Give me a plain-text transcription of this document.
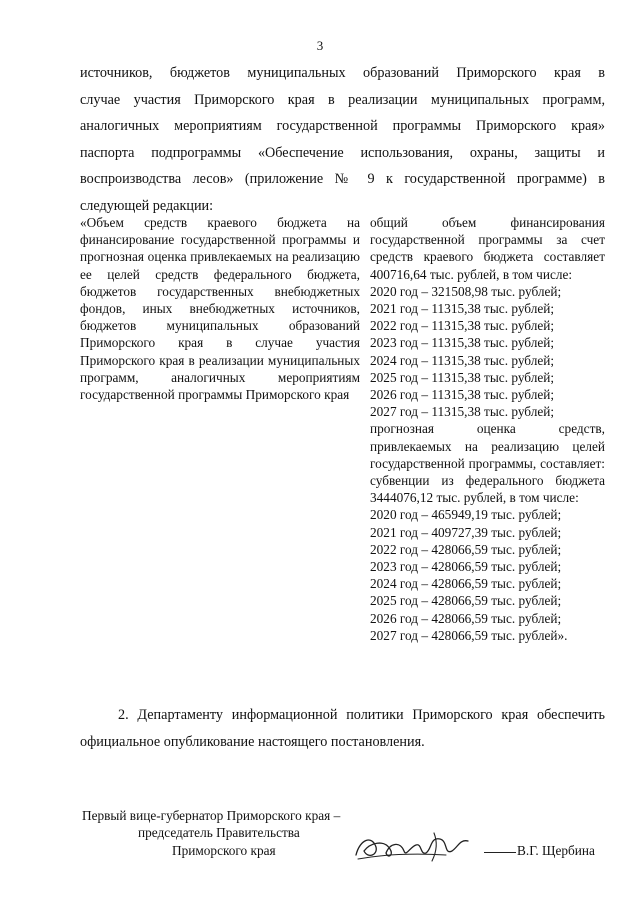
3
источников, бюджетов муниципальных образований Приморского края в
случае участия Приморского края в реализации муниципальных программ,
аналогичных мероприятиям государственной программы Приморского края»
паспорта подпрограммы «Обеспечение использования, охраны, защиты и
воспроизводства лесов» (приложение № 9 к государственной программе) в
следующей редакции:
«Объем средств краевого бюджета на финансирование государственной программы и прогнозная оценка привлекаемых на реализацию ее целей средств федерального бюджета, бюджетов государственных внебюджетных фондов, иных внебюджетных источников, бюджетов муниципальных образований Приморского края в случае участия Приморского края в реализации муниципальных программ, аналогичных мероприятиям государственной программы Приморского края
общий объем финансирования государственной программы за счет средств краевого бюджета составляет 400716,64 тыс. рублей, в том числе:
2020 год – 321508,98 тыс. рублей;
2021 год – 11315,38 тыс. рублей;
2022 год – 11315,38 тыс. рублей;
2023 год – 11315,38 тыс. рублей;
2024 год – 11315,38 тыс. рублей;
2025 год – 11315,38 тыс. рублей;
2026 год – 11315,38 тыс. рублей;
2027 год – 11315,38 тыс. рублей;
прогнозная оценка средств, привлекаемых на реализацию целей государственной программы, составляет: субвенции из федерального бюджета 3444076,12 тыс. рублей, в том числе:
2020 год – 465949,19 тыс. рублей;
2021 год – 409727,39 тыс. рублей;
2022 год – 428066,59 тыс. рублей;
2023 год – 428066,59 тыс. рублей;
2024 год – 428066,59 тыс. рублей;
2025 год – 428066,59 тыс. рублей;
2026 год – 428066,59 тыс. рублей;
2027 год – 428066,59 тыс. рублей».
2. Департаменту информационной политики Приморского края обеспечить официальное опубликование настоящего постановления.
Первый вице-губернатор Приморского края –
председатель Правительства
Приморского края	В.Г. Щербина
